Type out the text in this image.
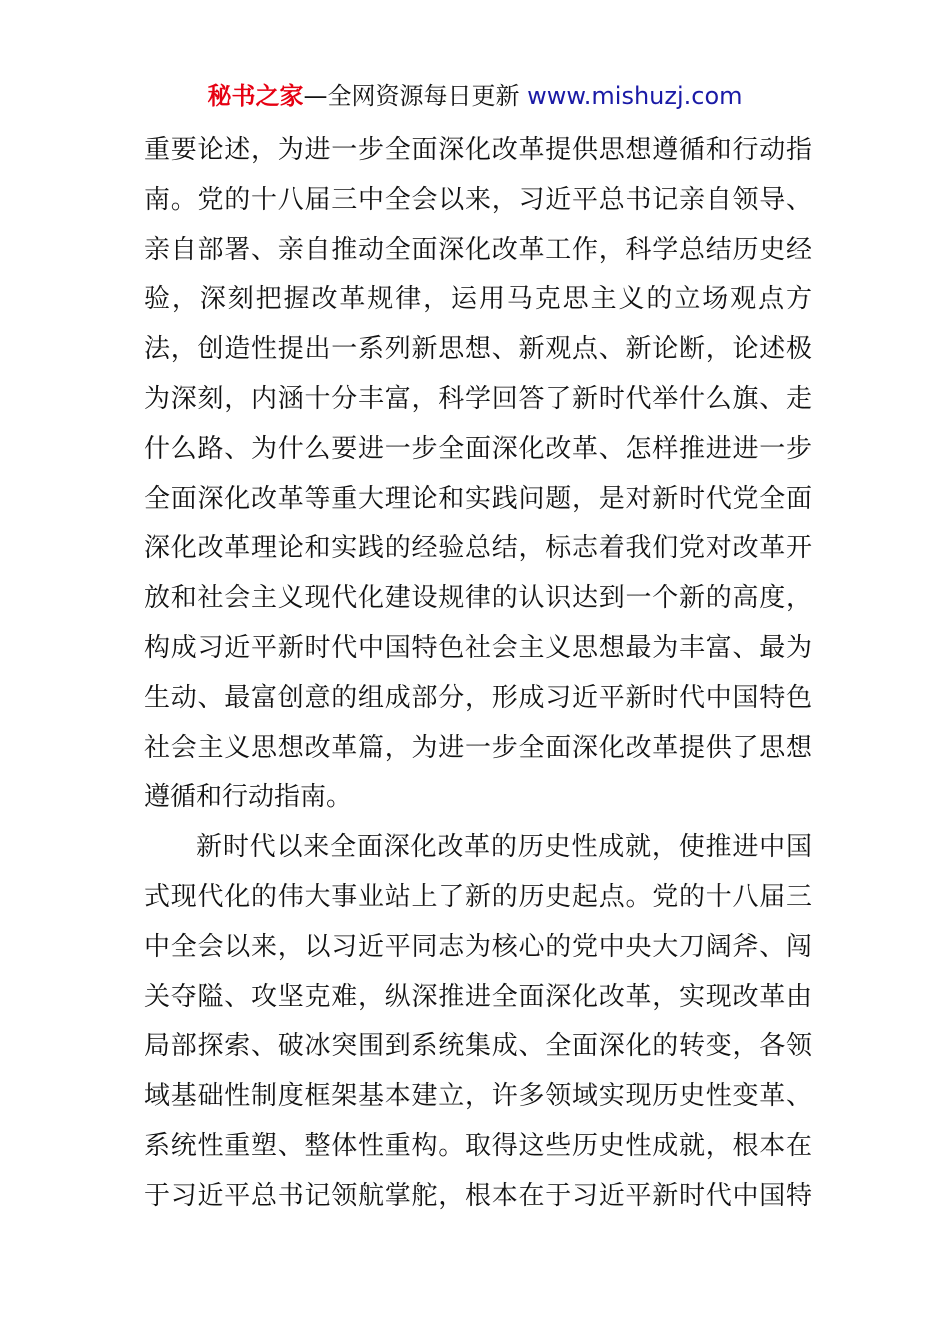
秘书之家—全网资源每日更新 www.mishuzj.com
重要论述，为进一步全面深化改革提供思想遵循和行动指
南。党的十八届三中全会以来，习近平总书记亲自领导、
亲自部署、亲自推动全面深化改革工作，科学总结历史经
验，深刻把握改革规律，运用马克思主义的立场观点方
法，创造性提出一系列新思想、新观点、新论断，论述极
为深刻，内涵十分丰富，科学回答了新时代举什么旗、走
什么路、为什么要进一步全面深化改革、怎样推进进一步
全面深化改革等重大理论和实践问题，是对新时代党全面
深化改革理论和实践的经验总结，标志着我们党对改革开
放和社会主义现代化建设规律的认识达到一个新的高度，
构成习近平新时代中国特色社会主义思想最为丰富、最为
生动、最富创意的组成部分，形成习近平新时代中国特色
社会主义思想改革篇，为进一步全面深化改革提供了思想
遵循和行动指南。
新时代以来全面深化改革的历史性成就，使推进中国
式现代化的伟大事业站上了新的历史起点。党的十八届三
中全会以来，以习近平同志为核心的党中央大刀阔斧、闯
关夺隘、攻坚克难，纵深推进全面深化改革，实现改革由
局部探索、破冰突围到系统集成、全面深化的转变，各领
域基础性制度框架基本建立，许多领域实现历史性变革、
系统性重塑、整体性重构。取得这些历史性成就，根本在
于习近平总书记领航掌舵，根本在于习近平新时代中国特
